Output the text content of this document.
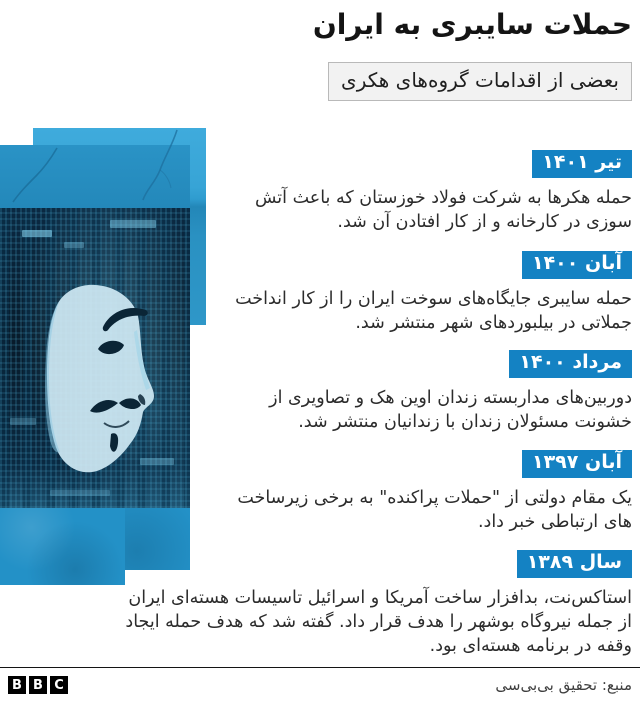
حملات سایبری به ایران
بعضی از اقدامات گروه‌های هکری
تیر ۱۴۰۱

حمله هکرها به شرکت فولاد خوزستان که باعث آتش سوزی در کارخانه و از کار افتادن آن شد.

آبان ۱۴۰۰

حمله سایبری جایگاه‌های سوخت ایران را از کار انداخت جملاتی در بیلبوردهای شهر منتشر شد.

مرداد ۱۴۰۰

دوربین‌های مداربسته زندان اوین هک و تصاویری از خشونت مسئولان زندان با زندانیان منتشر شد.

آبان ۱۳۹۷

یک مقام دولتی از "حملات پراکنده" به برخی زیرساخت های ارتباطی خبر داد.

سال ۱۳۸۹

استاکس‌نت، بدافزار ساخت آمریکا و اسرائیل تاسیسات هسته‌ای ایران از جمله نیروگاه بوشهر را هدف قرار داد. گفته شد که هدف حمله ایجاد وقفه در برنامه هسته‌ای بود.

B B C	منبع: تحقیق بی‌بی‌سی
